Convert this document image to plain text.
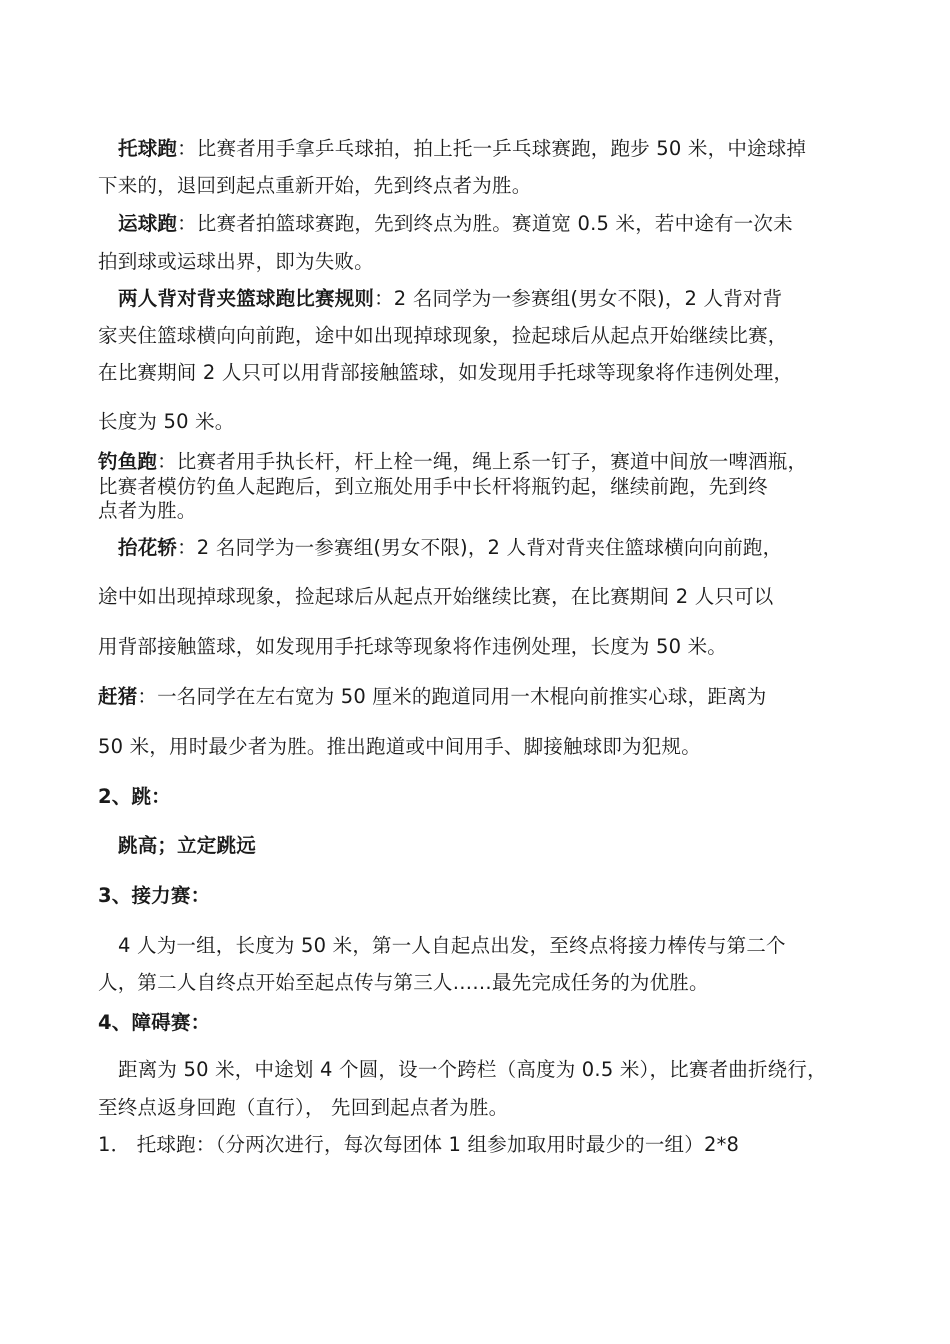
托球跑：比赛者用手拿乒乓球拍，拍上托一乒乓球赛跑，跑步 50 米，中途球掉
下来的，退回到起点重新开始，先到终点者为胜。
运球跑：比赛者拍篮球赛跑，先到终点为胜。赛道宽 0.5 米，若中途有一次未
拍到球或运球出界，即为失败。
两人背对背夹篮球跑比赛规则：2 名同学为一参赛组(男女不限)，2 人背对背
家夹住篮球横向向前跑，途中如出现掉球现象，捡起球后从起点开始继续比赛，
在比赛期间 2 人只可以用背部接触篮球，如发现用手托球等现象将作违例处理，
长度为 50 米。
钓鱼跑：比赛者用手执长杆，杆上栓一绳，绳上系一钉子，赛道中间放一啤酒瓶，
比赛者模仿钓鱼人起跑后，到立瓶处用手中长杆将瓶钓起，继续前跑，先到终
点者为胜。
抬花轿：2 名同学为一参赛组(男女不限)，2 人背对背夹住篮球横向向前跑，
途中如出现掉球现象，捡起球后从起点开始继续比赛，在比赛期间 2 人只可以
用背部接触篮球，如发现用手托球等现象将作违例处理，长度为 50 米。
赶猪：一名同学在左右宽为 50 厘米的跑道同用一木棍向前推实心球，距离为
50 米，用时最少者为胜。推出跑道或中间用手、脚接触球即为犯规。
2、跳：
跳高；立定跳远
3、接力赛：
4 人为一组，长度为 50 米，第一人自起点出发，至终点将接力棒传与第二个
人，第二人自终点开始至起点传与第三人……最先完成任务的为优胜。
4、障碍赛：
距离为 50 米，中途划 4 个圆，设一个跨栏（高度为 0.5 米），比赛者曲折绕行，
至终点返身回跑（直行）， 先回到起点者为胜。
1． 托球跑：（分两次进行，每次每团体 1 组参加取用时最少的一组）2*8
